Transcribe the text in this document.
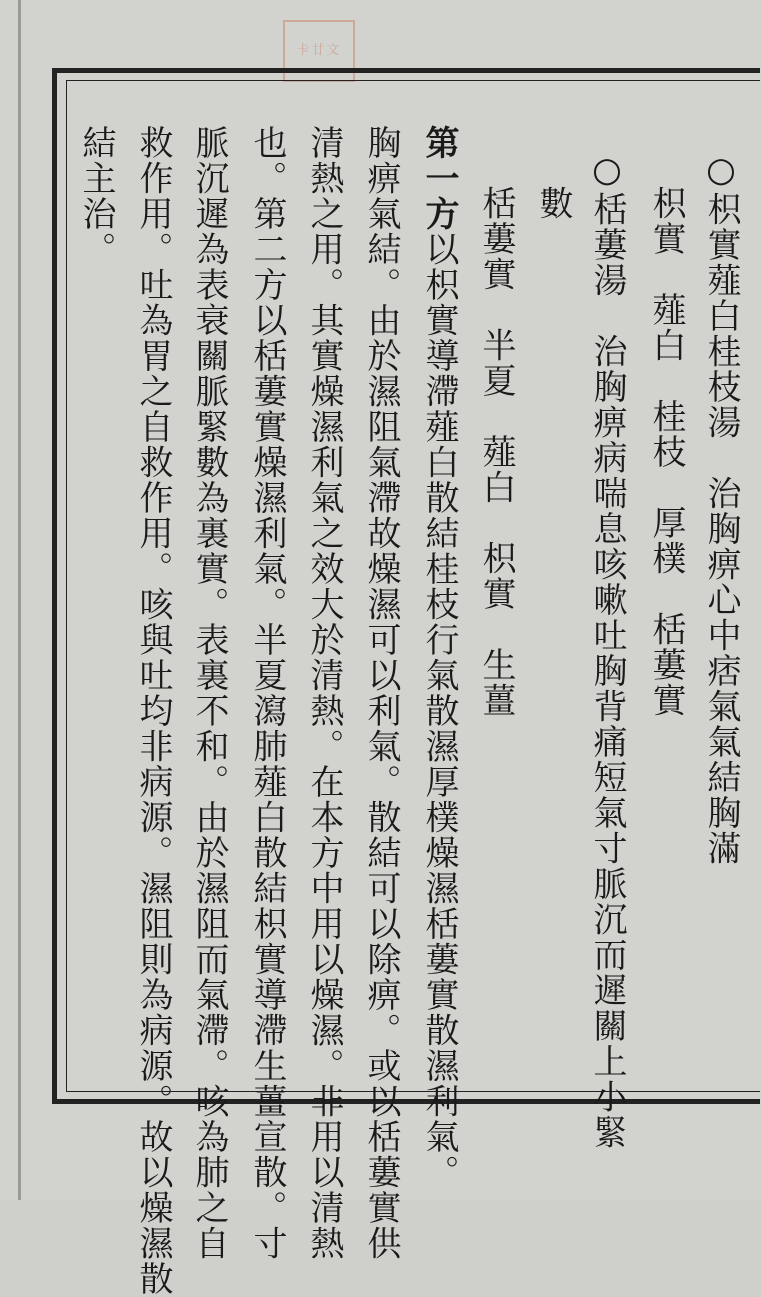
卡廿文
○枳實薤白桂枝湯　治胸痹心中痞氣氣結胸滿
　枳實　薤白　桂枝　厚樸　栝蔞實
○栝蔞湯　治胸痹病喘息咳嗽吐胸背痛短氣寸脈沉而遲關上小緊
　數
　栝蔞實　半夏　薤白　枳實　生薑
第一方以枳實導滯薤白散結桂枝行氣散濕厚樸燥濕栝蔞實散濕利氣。
胸痹氣結。由於濕阻氣滯故燥濕可以利氣。散結可以除痹。或以栝蔞實供
清熱之用。其實燥濕利氣之效大於清熱。在本方中用以燥濕。非用以清熱
也。第二方以栝蔞實燥濕利氣。半夏瀉肺薤白散結枳實導滯生薑宣散。寸
脈沉遲為表衰關脈緊數為裏實。表裏不和。由於濕阻而氣滯。咳為肺之自
救作用。吐為胃之自救作用。咳與吐均非病源。濕阻則為病源。故以燥濕散
結主治。
